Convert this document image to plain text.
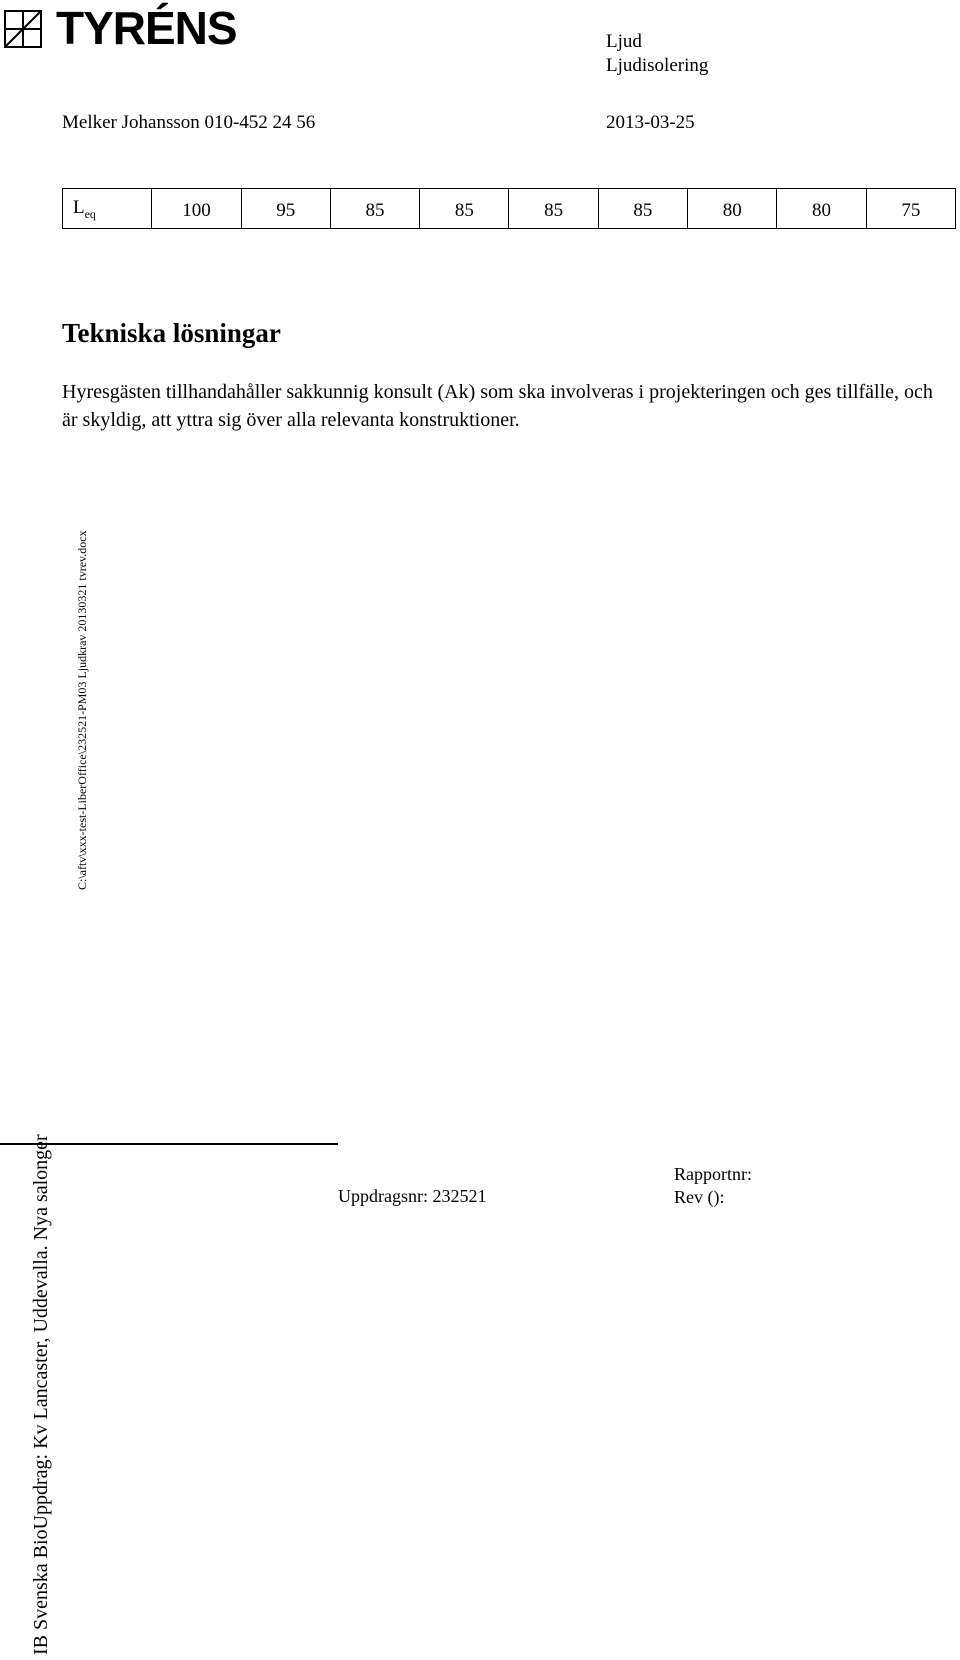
TYRÉNS	Ljud
Ljudisolering
Melker Johansson 010-452 24 56	2013-03-25
$L_{eq}$	100	95	85	85	85	85	80	80	75
Tekniska lösningar
Hyresgästen tillhandahåller sakkunnig konsult (Ak) som ska involveras i projekteringen och ges tillfälle, och är skyldig, att yttra sig över alla relevanta konstruktioner.
C:\aftv\xxx-test-LiberOffice\232521-PM03 Ljudkrav 20130321 tvrev.docx
IB Svenska BioUppdrag: Kv Lancaster, Uddevalla. Nya salonger	Uppdragsnr: 232521
Rapportnr:
Rev ():
